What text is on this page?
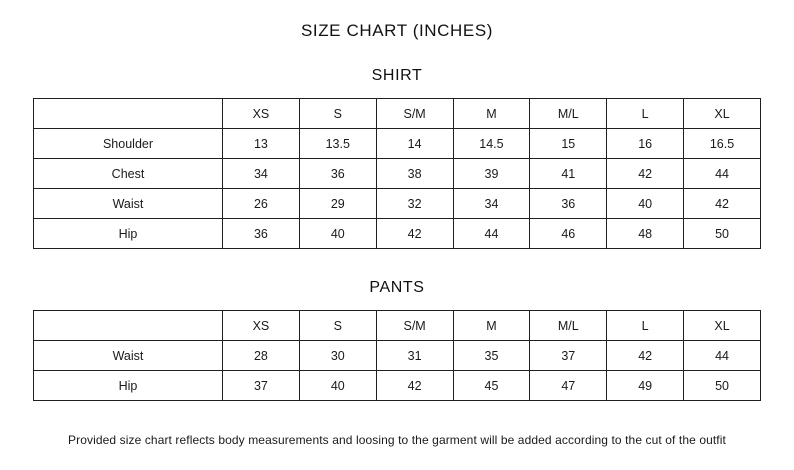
SIZE CHART (INCHES)
SHIRT
	XS	S	S/M	M	M/L	L	XL
Shoulder	13	13.5	14	14.5	15	16	16.5
Chest	34	36	38	39	41	42	44
Waist	26	29	32	34	36	40	42
Hip	36	40	42	44	46	48	50
PANTS
	XS	S	S/M	M	M/L	L	XL
Waist	28	30	31	35	37	42	44
Hip	37	40	42	45	47	49	50
Provided size chart reflects body measurements and loosing to the garment will be added according to the cut of the outfit
